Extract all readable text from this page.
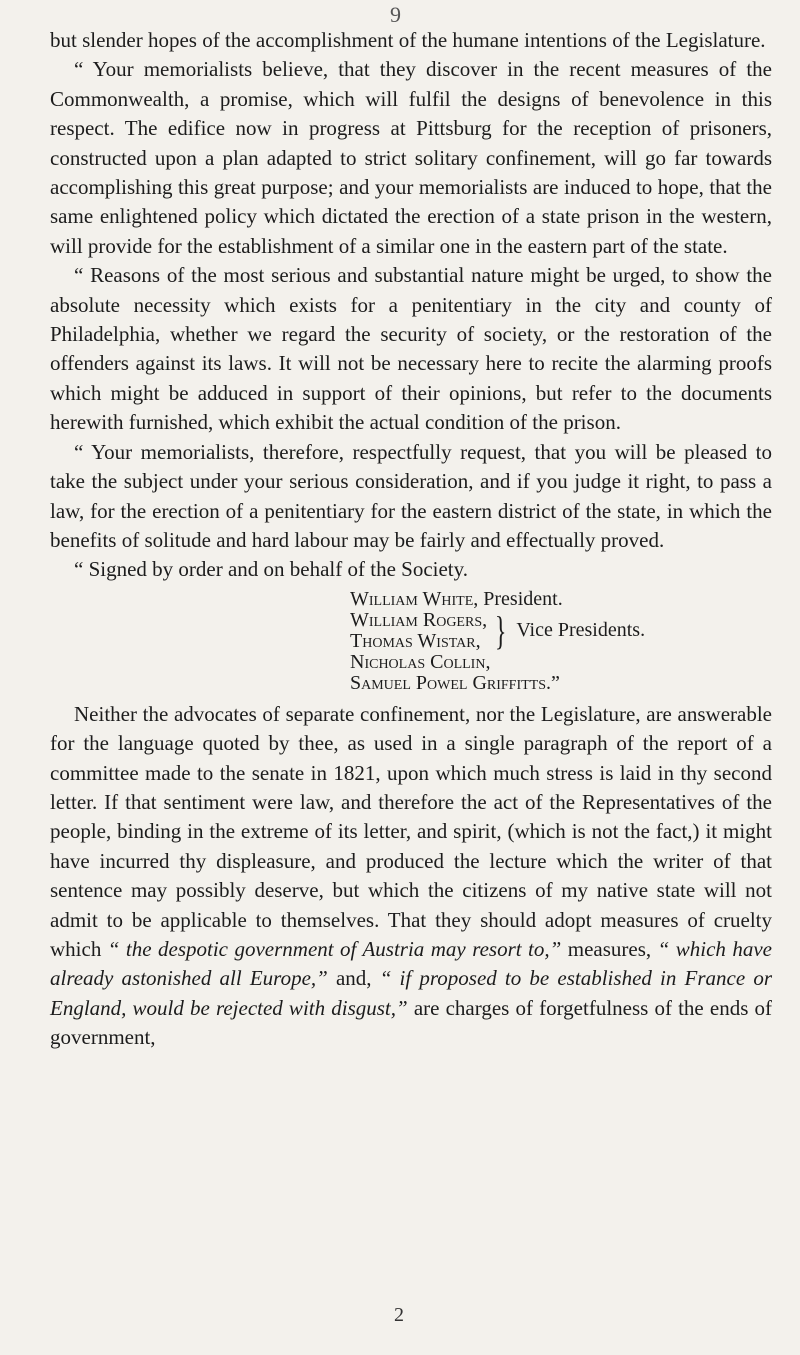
9

but slender hopes of the accomplishment of the humane intentions of the Legislature.

“ Your memorialists believe, that they discover in the recent measures of the Commonwealth, a promise, which will fulfil the designs of benevolence in this respect. The edifice now in progress at Pittsburg for the reception of prisoners, constructed upon a plan adapted to strict solitary confinement, will go far towards accomplishing this great purpose; and your memorialists are induced to hope, that the same enlightened policy which dictated the erection of a state prison in the western, will provide for the establishment of a similar one in the eastern part of the state.

“ Reasons of the most serious and substantial nature might be urged, to show the absolute necessity which exists for a penitentiary in the city and county of Philadelphia, whether we regard the security of society, or the restoration of the offenders against its laws. It will not be necessary here to recite the alarming proofs which might be adduced in support of their opinions, but refer to the documents herewith furnished, which exhibit the actual condition of the prison.

“ Your memorialists, therefore, respectfully request, that you will be pleased to take the subject under your serious consideration, and if you judge it right, to pass a law, for the erection of a penitentiary for the eastern district of the state, in which the benefits of solitude and hard labour may be fairly and effectually proved.

“ Signed by order and on behalf of the Society.

William White, President.
William Rogers,
Thomas Wistar, } Vice Presidents.
Nicholas Collin,
Samuel Powel Griffitts.”

Neither the advocates of separate confinement, nor the Legislature, are answerable for the language quoted by thee, as used in a single paragraph of the report of a committee made to the senate in 1821, upon which much stress is laid in thy second letter. If that sentiment were law, and therefore the act of the Representatives of the people, binding in the extreme of its letter, and spirit, (which is not the fact,) it might have incurred thy displeasure, and produced the lecture which the writer of that sentence may possibly deserve, but which the citizens of my native state will not admit to be applicable to themselves. That they should adopt measures of cruelty which “ the despotic government of Austria may resort to,” measures, “ which have already astonished all Europe,” and, “ if proposed to be established in France or England, would be rejected with disgust,” are charges of forgetfulness of the ends of government,

2
